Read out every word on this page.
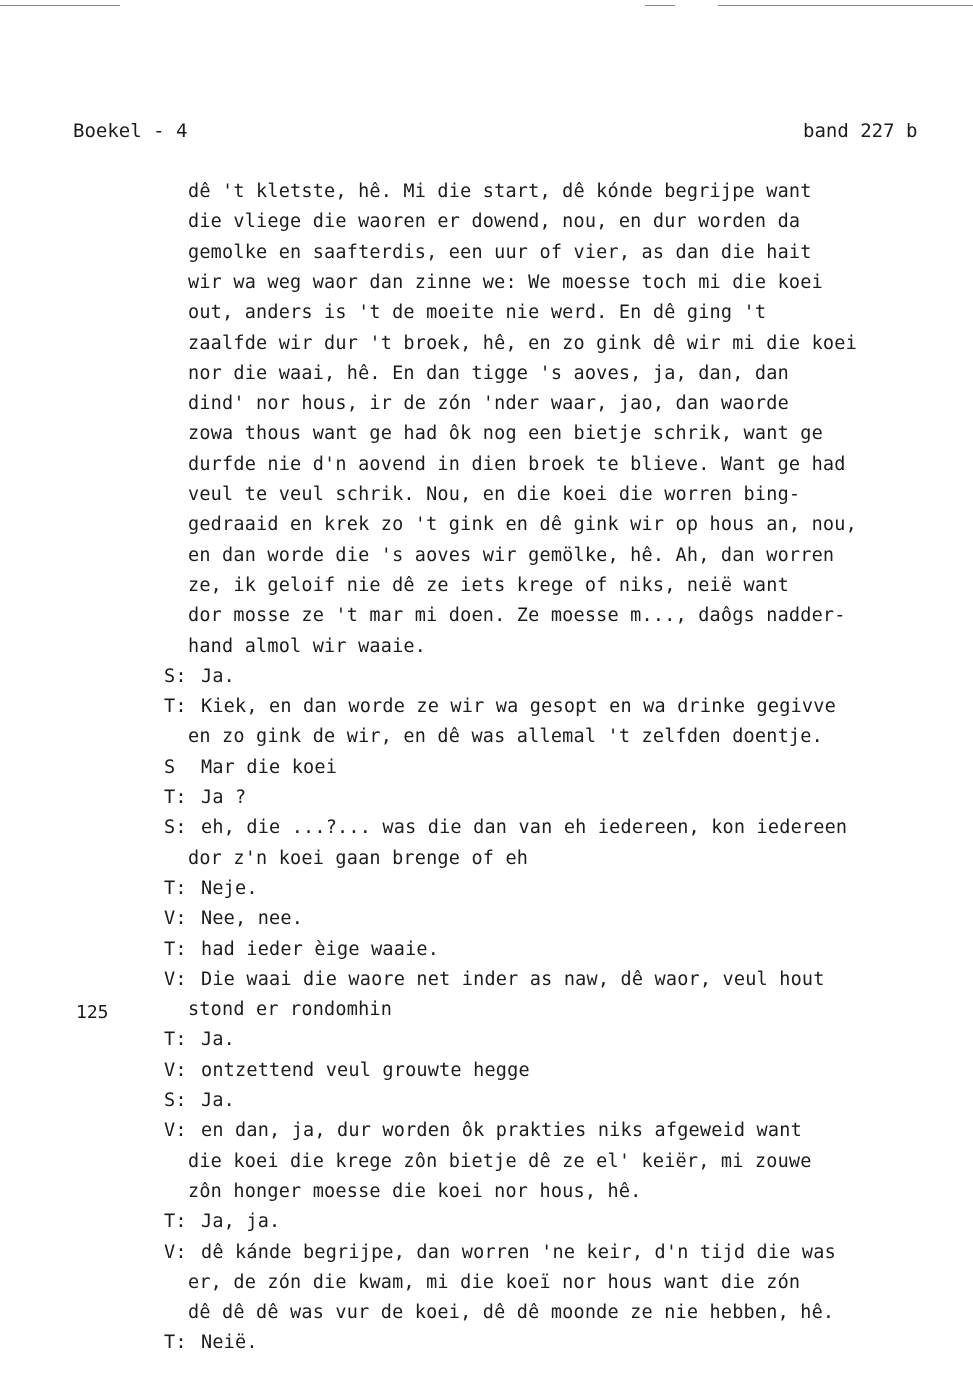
Boekel - 4	band 227 b
125
dê 't kletste, hê. Mi die start, dê kónde begrijpe want
die vliege die waoren er dowend, nou, en dur worden da
gemolke en saafterdis, een uur of vier, as dan die hait
wir wa weg waor dan zinne we: We moesse toch mi die koei
out, anders is 't de moeite nie werd. En dê ging 't
zaalfde wir dur 't broek, hê, en zo gink dê wir mi die koei
nor die waai, hê. En dan tigge 's aoves, ja, dan, dan
dind' nor hous, ir de zón 'nder waar, jao, dan waorde
zowa thous want ge had ôk nog een bietje schrik, want ge
durfde nie d'n aovend in dien broek te blieve. Want ge had
veul te veul schrik. Nou, en die koei die worren bing-
gedraaid en krek zo 't gink en dê gink wir op hous an, nou,
en dan worde die 's aoves wir gemölke, hê. Ah, dan worren
ze, ik geloif nie dê ze iets krege of niks, neië want
dor mosse ze 't mar mi doen. Ze moesse m..., daôgs nadder-
hand almol wir waaie.
S: Ja.
T: Kiek, en dan worde ze wir wa gesopt en wa drinke gegivve
en zo gink de wir, en dê was allemal 't zelfden doentje.
S Mar die koei
T: Ja ?
S: eh, die ...?... was die dan van eh iedereen, kon iedereen
dor z'n koei gaan brenge of eh
T: Neje.
V: Nee, nee.
T: had ieder èige waaie.
V: Die waai die waore net inder as naw, dê waor, veul hout
stond er rondomhin
T: Ja.
V: ontzettend veul grouwte hegge
S: Ja.
V: en dan, ja, dur worden ôk prakties niks afgeweid want
die koei die krege zôn bietje dê ze el' keiër, mi zouwe
zôn honger moesse die koei nor hous, hê.
T: Ja, ja.
V: dê kánde begrijpe, dan worren 'ne keir, d'n tijd die was
er, de zón die kwam, mi die koeï nor hous want die zón
dê dê dê was vur de koei, dê dê moonde ze nie hebben, hê.
T: Neië.
